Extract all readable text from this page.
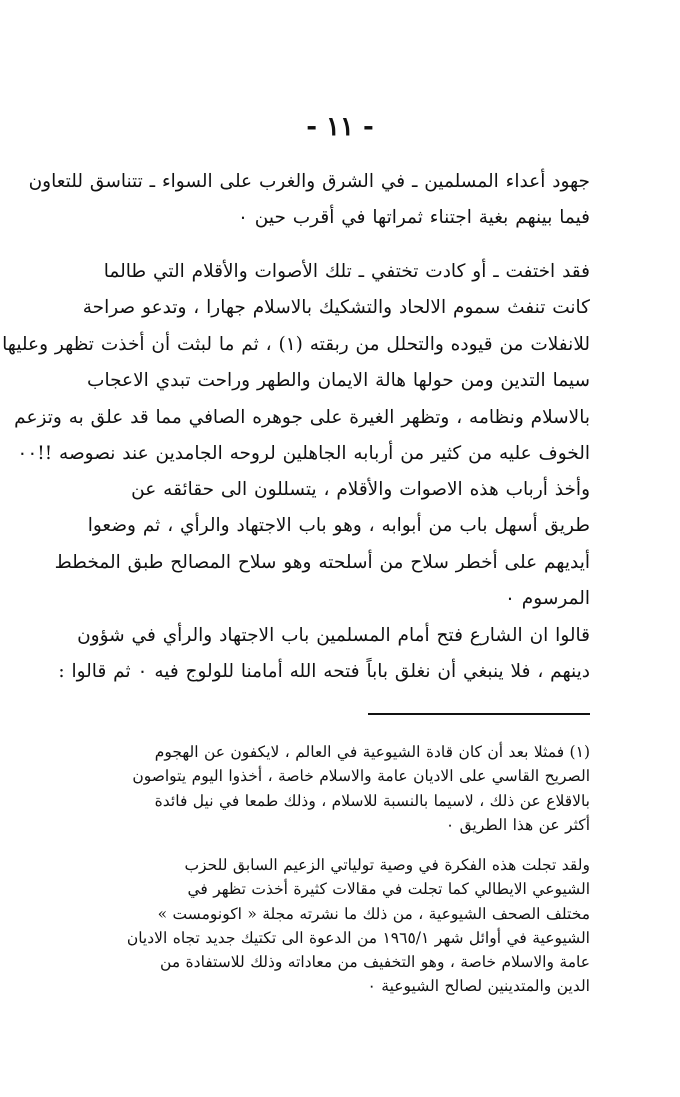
- ١١ -
جهود أعداء المسلمين ـ في الشرق والغرب على السواء ـ تتناسق للتعاون
فيما بينهم بغية اجتناء ثمراتها في أقرب حين ٠
فقد اختفت ـ أو كادت تختفي ـ تلك الأصوات والأقلام التي طالما
كانت تنفث سموم الالحاد والتشكيك بالاسلام جهارا ، وتدعو صراحة
للانفلات من قيوده والتحلل من ربقته (١) ، ثم ما لبثت أن أخذت تظهر وعليها
سيما التدين ومن حولها هالة الايمان والطهر وراحت تبدي الاعجاب
بالاسلام ونظامه ، وتظهر الغيرة على جوهره الصافي مما قد علق به وتزعم
الخوف عليه من كثير من أربابه الجاهلين لروحه الجامدين عند نصوصه !!٠٠
وأخذ أرباب هذه الاصوات والأقلام ، يتسللون الى حقائقه عن
طريق أسهل باب من أبوابه ، وهو باب الاجتهاد والرأي ، ثم وضعوا
أيديهم على أخطر سلاح من أسلحته وهو سلاح المصالح طبق المخطط
المرسوم ٠
قالوا ان الشارع فتح أمام المسلمين باب الاجتهاد والرأي في شؤون
دينهم ، فلا ينبغي أن نغلق باباً فتحه الله أمامنا للولوج فيه ٠ ثم قالوا :
(١) فمثلا بعد أن كان قادة الشيوعية في العالم ، لايكفون عن الهجوم
الصريح القاسي على الاديان عامة والاسلام خاصة ، أخذوا اليوم يتواصون
بالاقلاع عن ذلك ، لاسيما بالنسبة للاسلام ، وذلك طمعا في نيل فائدة
أكثر عن هذا الطريق ٠
ولقد تجلت هذه الفكرة في وصية تولياتي الزعيم السابق للحزب
الشيوعي الايطالي كما تجلت في مقالات كثيرة أخذت تظهر في
مختلف الصحف الشيوعية ، من ذلك ما نشرته مجلة « اكونومست »
الشيوعية في أوائل شهر ١٩٦٥/١ من الدعوة الى تكتيك جديد تجاه الاديان
عامة والاسلام خاصة ، وهو التخفيف من معاداته وذلك للاستفادة من
الدين والمتدينين لصالح الشيوعية ٠
